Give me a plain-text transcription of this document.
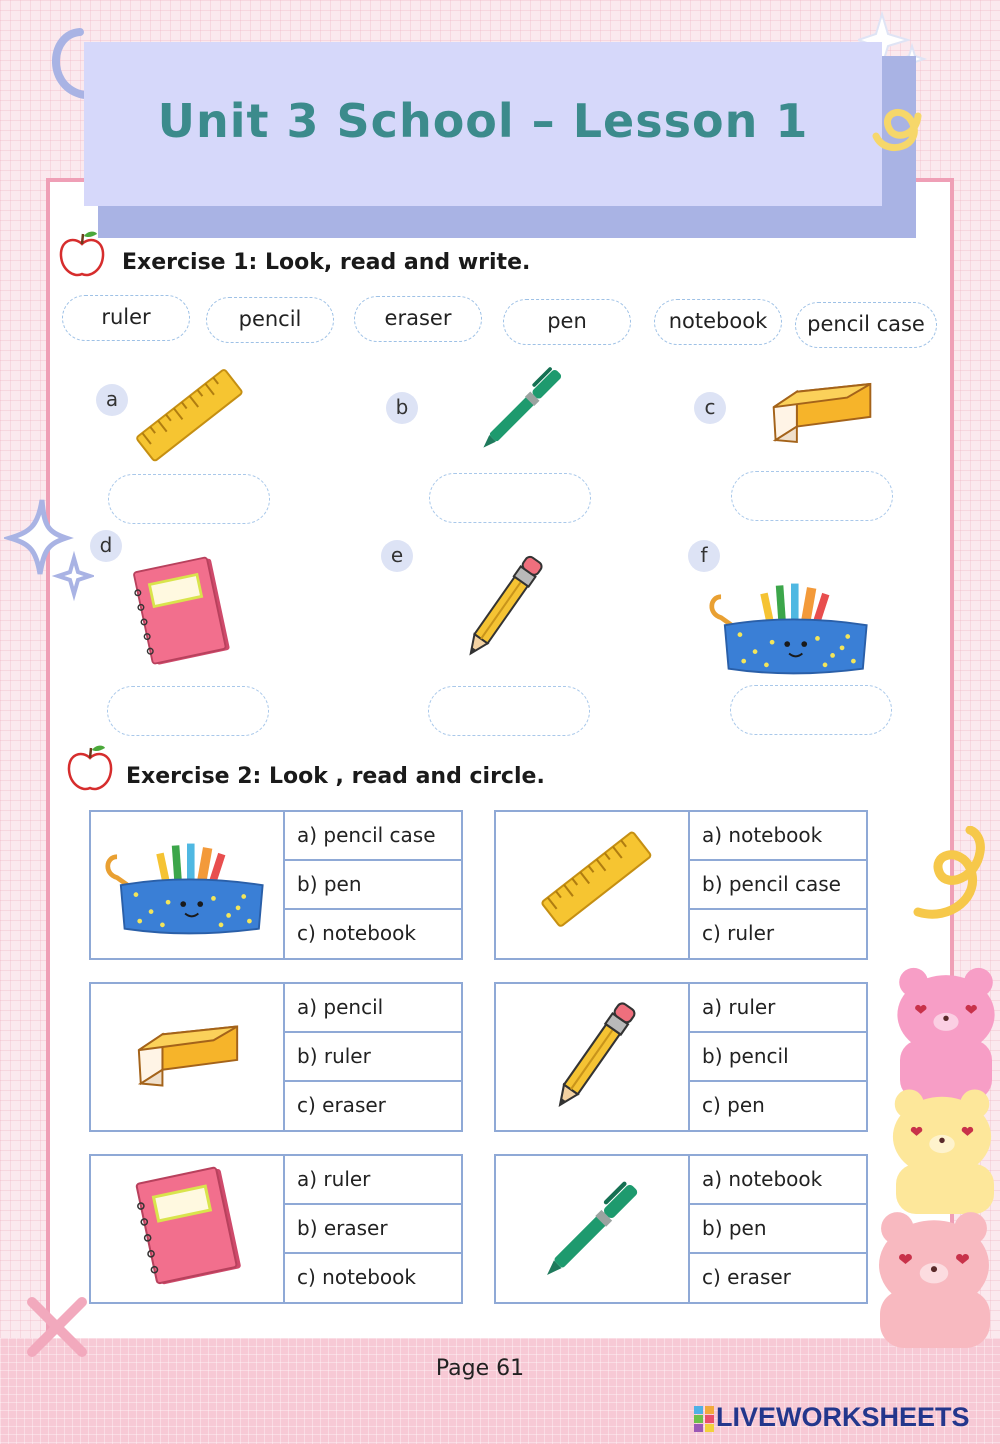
Unit 3 School – Lesson 1
Exercise 1: Look, read and write.
ruler	pencil	eraser	pen	notebook	pencil case
a	b	c
d	e	f
Exercise 2: Look , read and circle.
a) pencil case
b) pen
c) notebook
a) notebook
b) pencil case
c) ruler
a) pencil
b) ruler
c) eraser
a) ruler
b) pencil
c) pen
a) ruler
b) eraser
c) notebook
a) notebook
b) pen
c) eraser
Page 61
LIVEWORKSHEETS
